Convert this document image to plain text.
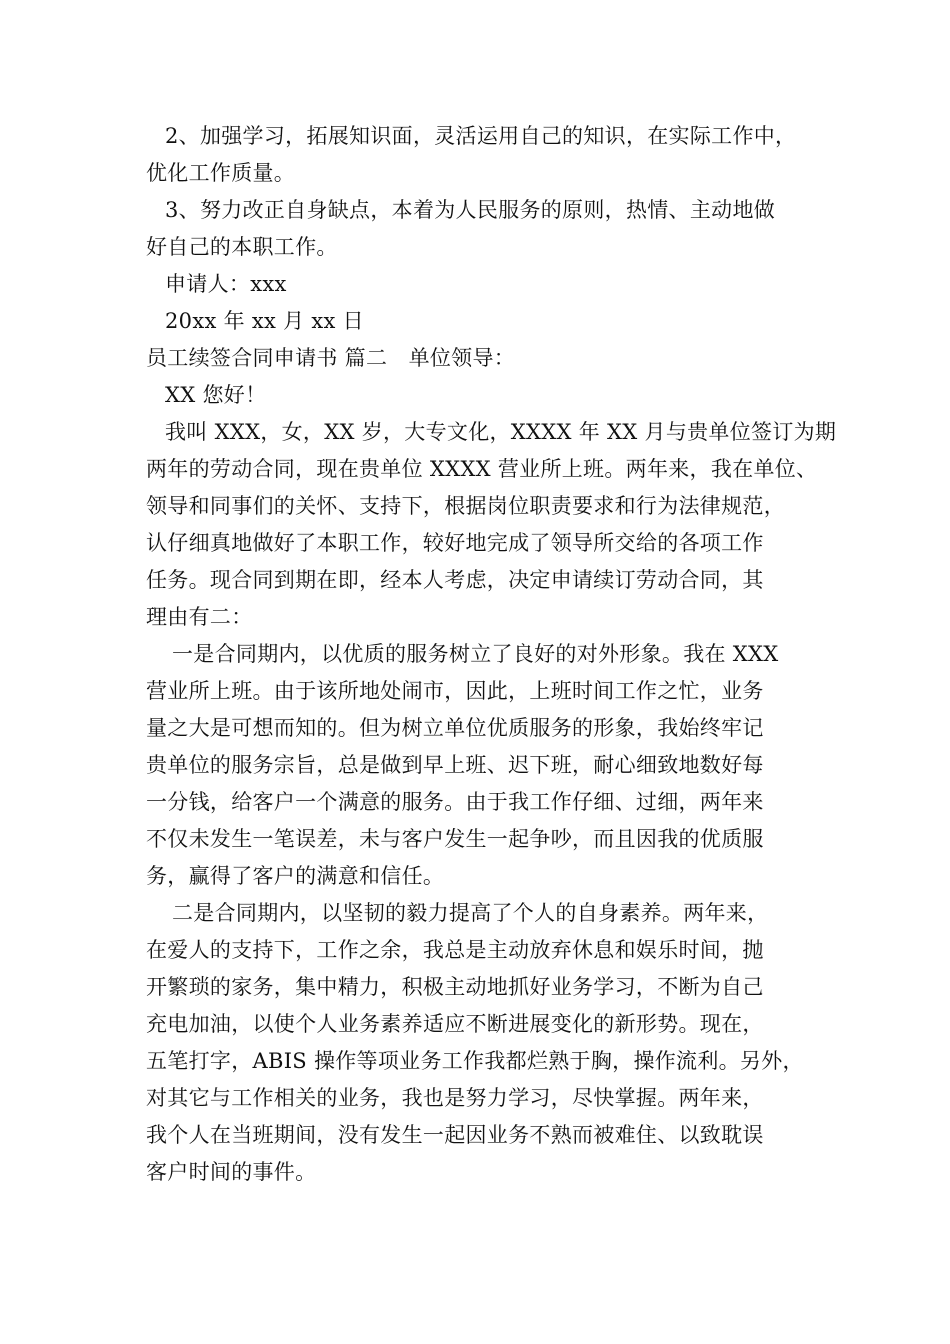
2、加强学习，拓展知识面，灵活运用自己的知识，在实际工作中，
优化工作质量。
3、努力改正自身缺点，本着为人民服务的原则，热情、主动地做
好自己的本职工作。
申请人：xxx
20xx 年 xx 月 xx 日
员工续签合同申请书 篇二　单位领导：
XX 您好！
我叫 XXX，女，XX 岁，大专文化，XXXX 年 XX 月与贵单位签订为期
两年的劳动合同，现在贵单位 XXXX 营业所上班。两年来，我在单位、
领导和同事们的关怀、支持下，根据岗位职责要求和行为法律规范，
认仔细真地做好了本职工作，较好地完成了领导所交给的各项工作
任务。现合同到期在即，经本人考虑，决定申请续订劳动合同，其
理由有二：
一是合同期内，以优质的服务树立了良好的对外形象。我在 XXX
营业所上班。由于该所地处闹市，因此，上班时间工作之忙，业务
量之大是可想而知的。但为树立单位优质服务的形象，我始终牢记
贵单位的服务宗旨，总是做到早上班、迟下班，耐心细致地数好每
一分钱，给客户一个满意的服务。由于我工作仔细、过细，两年来
不仅未发生一笔误差，未与客户发生一起争吵，而且因我的优质服
务，赢得了客户的满意和信任。
二是合同期内，以坚韧的毅力提高了个人的自身素养。两年来，
在爱人的支持下，工作之余，我总是主动放弃休息和娱乐时间，抛
开繁琐的家务，集中精力，积极主动地抓好业务学习，不断为自己
充电加油，以使个人业务素养适应不断进展变化的新形势。现在，
五笔打字，ABIS 操作等项业务工作我都烂熟于胸，操作流利。另外，
对其它与工作相关的业务，我也是努力学习，尽快掌握。两年来，
我个人在当班期间，没有发生一起因业务不熟而被难住、以致耽误
客户时间的事件。
